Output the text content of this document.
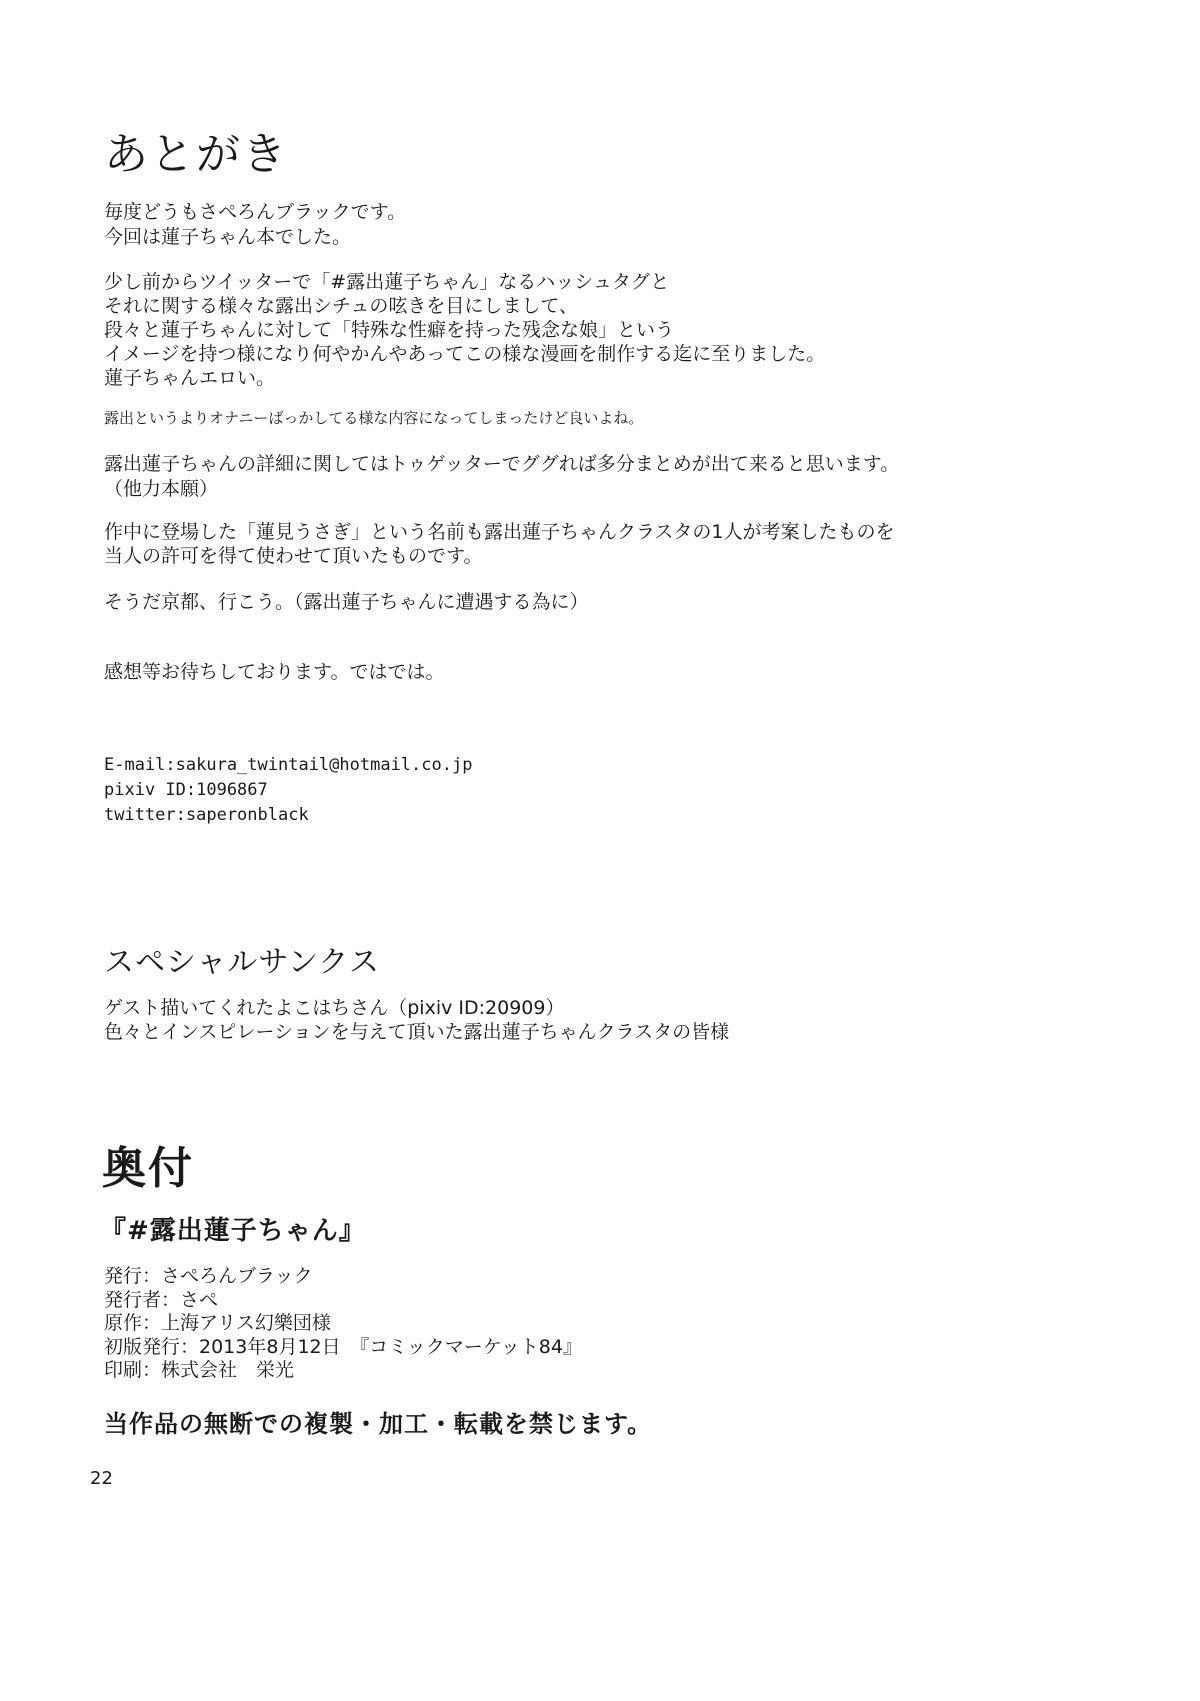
あとがき
毎度どうもさぺろんブラックです。
今回は蓮子ちゃん本でした。
少し前からツイッターで「#露出蓮子ちゃん」なるハッシュタグと
それに関する様々な露出シチュの呟きを目にしまして、
段々と蓮子ちゃんに対して「特殊な性癖を持った残念な娘」という
イメージを持つ様になり何やかんやあってこの様な漫画を制作する迄に至りました。
蓮子ちゃんエロい。
露出というよりオナニーばっかしてる様な内容になってしまったけど良いよね。
露出蓮子ちゃんの詳細に関してはトゥゲッターでググれば多分まとめが出て来ると思います。
（他力本願）
作中に登場した「蓮見うさぎ」という名前も露出蓮子ちゃんクラスタの1人が考案したものを
当人の許可を得て使わせて頂いたものです。
そうだ京都、行こう。（露出蓮子ちゃんに遭遇する為に）
感想等お待ちしております。ではでは。
E-mail:sakura_twintail@hotmail.co.jp
pixiv ID:1096867
twitter:saperonblack
スペシャルサンクス
ゲスト描いてくれたよこはちさん（pixiv ID:20909）
色々とインスピレーションを与えて頂いた露出蓮子ちゃんクラスタの皆様
奥付
『#露出蓮子ちゃん』
発行：さぺろんブラック
発行者：さぺ
原作：上海アリス幻樂団様
初版発行：2013年8月12日　『コミックマーケット84』
印刷：株式会社　栄光
当作品の無断での複製・加工・転載を禁じます。
22
